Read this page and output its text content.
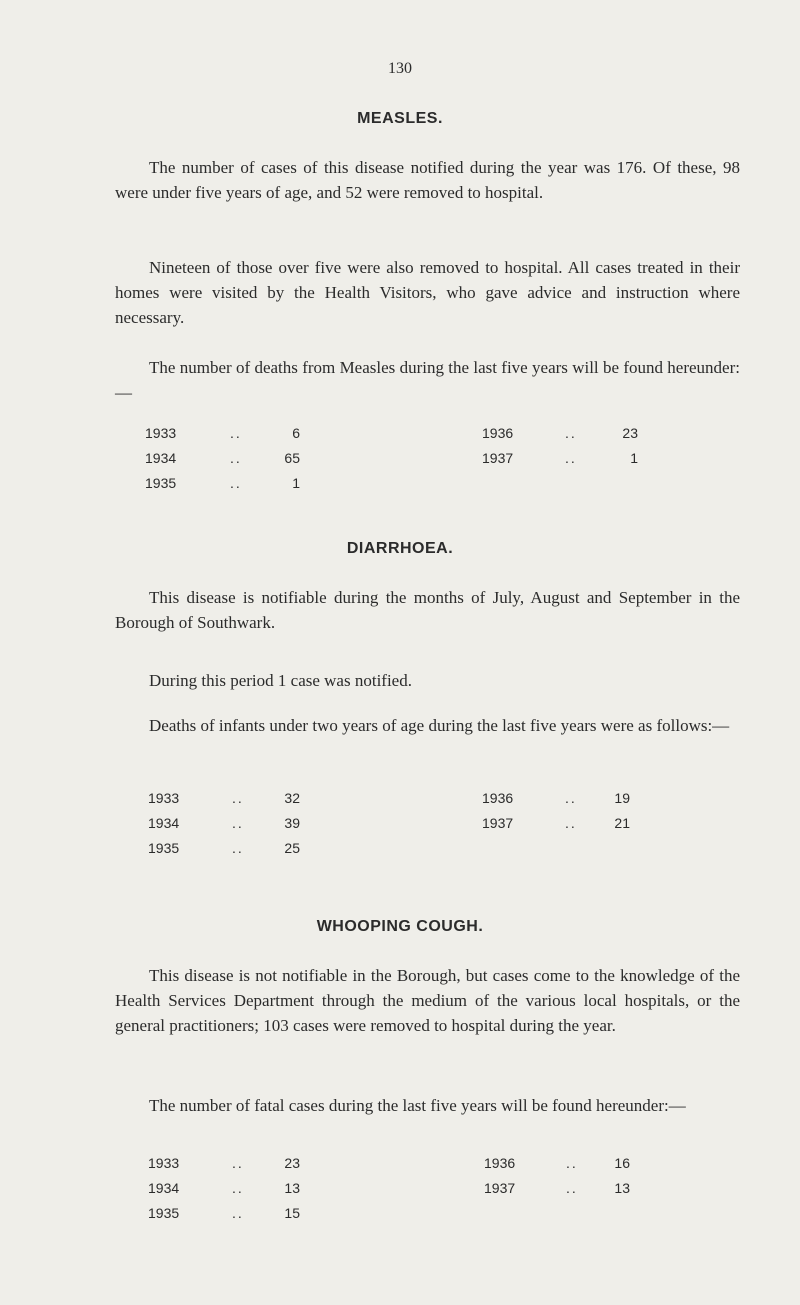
130
MEASLES.
The number of cases of this disease notified during the year was 176. Of these, 98 were under five years of age, and 52 were removed to hospital.
Nineteen of those over five were also removed to hospital. All cases treated in their homes were visited by the Health Visitors, who gave advice and instruction where necessary.
The number of deaths from Measles during the last five years will be found hereunder:—
1933	..	6
1934	..	65
1935	..	1
1936	..	23
1937	..	1
DIARRHOEA.
This disease is notifiable during the months of July, August and September in the Borough of Southwark.
During this period 1 case was notified.
Deaths of infants under two years of age during the last five years were as follows:—
1933	..	32
1934	..	39
1935	..	25
1936	..	19
1937	..	21
WHOOPING COUGH.
This disease is not notifiable in the Borough, but cases come to the knowledge of the Health Services Department through the medium of the various local hospitals, or the general practitioners; 103 cases were removed to hospital during the year.
The number of fatal cases during the last five years will be found hereunder:—
1933	..	23
1934	..	13
1935	..	15
1936	..	16
1937	..	13
